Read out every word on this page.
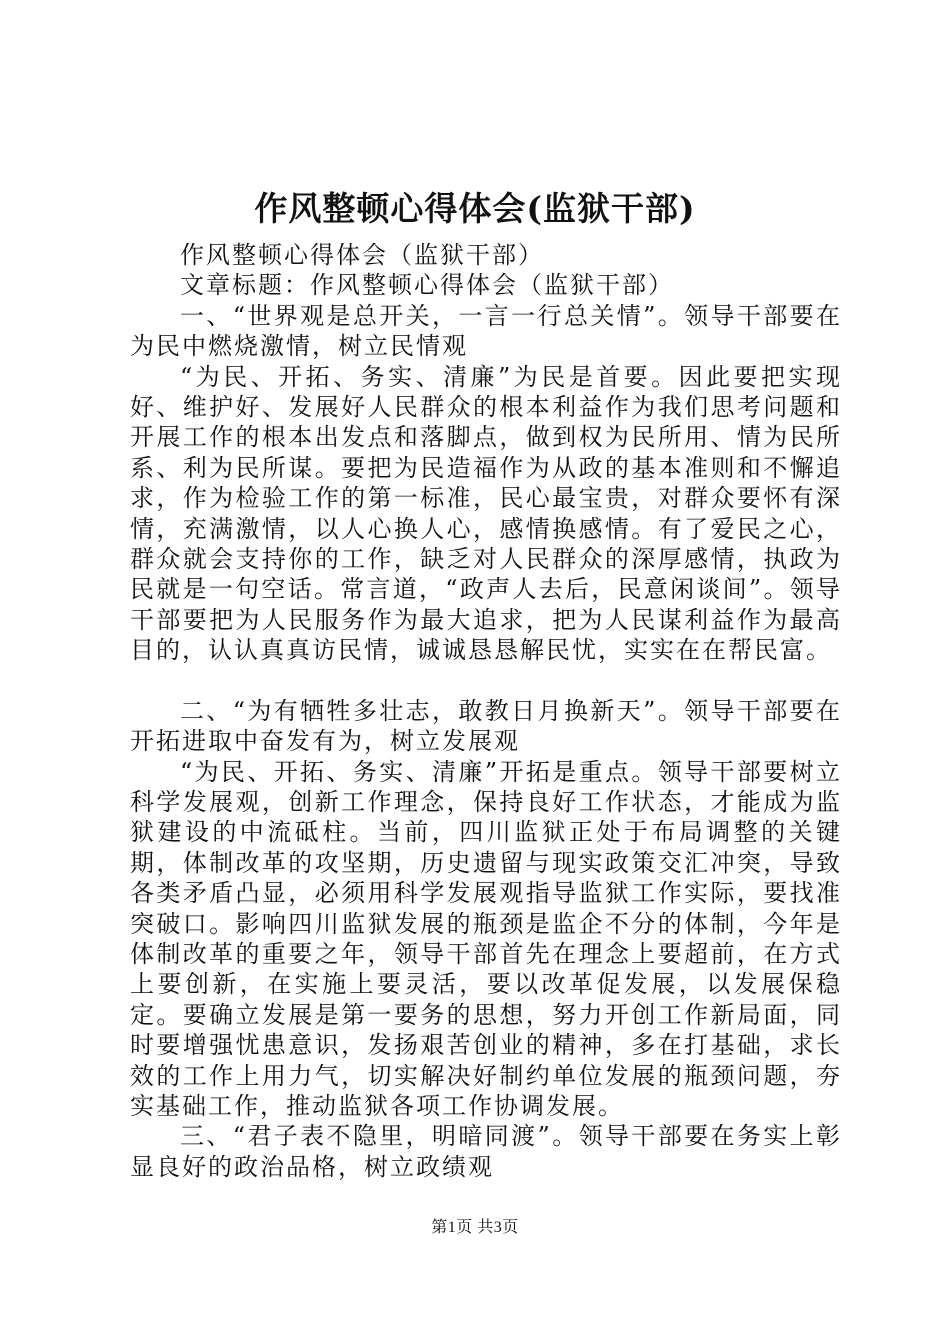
作风整顿心得体会(监狱干部)

作风整顿心得体会（监狱干部）

文章标题：作风整顿心得体会（监狱干部）

一、“世界观是总开关，一言一行总关情”。领导干部要在为民中燃烧激情，树立民情观

“为民、开拓、务实、清廉”为民是首要。因此要把实现好、维护好、发展好人民群众的根本利益作为我们思考问题和开展工作的根本出发点和落脚点，做到权为民所用、情为民所系、利为民所谋。要把为民造福作为从政的基本准则和不懈追求，作为检验工作的第一标准，民心最宝贵，对群众要怀有深情，充满激情，以人心换人心，感情换感情。有了爱民之心，群众就会支持你的工作，缺乏对人民群众的深厚感情，执政为民就是一句空话。常言道，“政声人去后，民意闲谈间”。领导干部要把为人民服务作为最大追求，把为人民谋利益作为最高目的，认认真真访民情，诚诚恳恳解民忧，实实在在帮民富。

二、“为有牺牲多壮志，敢教日月换新天”。领导干部要在开拓进取中奋发有为，树立发展观

“为民、开拓、务实、清廉”开拓是重点。领导干部要树立科学发展观，创新工作理念，保持良好工作状态，才能成为监狱建设的中流砥柱。当前，四川监狱正处于布局调整的关键期，体制改革的攻坚期，历史遗留与现实政策交汇冲突，导致各类矛盾凸显，必须用科学发展观指导监狱工作实际，要找准突破口。影响四川监狱发展的瓶颈是监企不分的体制，今年是体制改革的重要之年，领导干部首先在理念上要超前，在方式上要创新，在实施上要灵活，要以改革促发展，以发展保稳定。要确立发展是第一要务的思想，努力开创工作新局面，同时要增强忧患意识，发扬艰苦创业的精神，多在打基础，求长效的工作上用力气，切实解决好制约单位发展的瓶颈问题，夯实基础工作，推动监狱各项工作协调发展。

三、“君子表不隐里，明暗同渡”。领导干部要在务实上彰显良好的政治品格，树立政绩观

第1页 共3页
